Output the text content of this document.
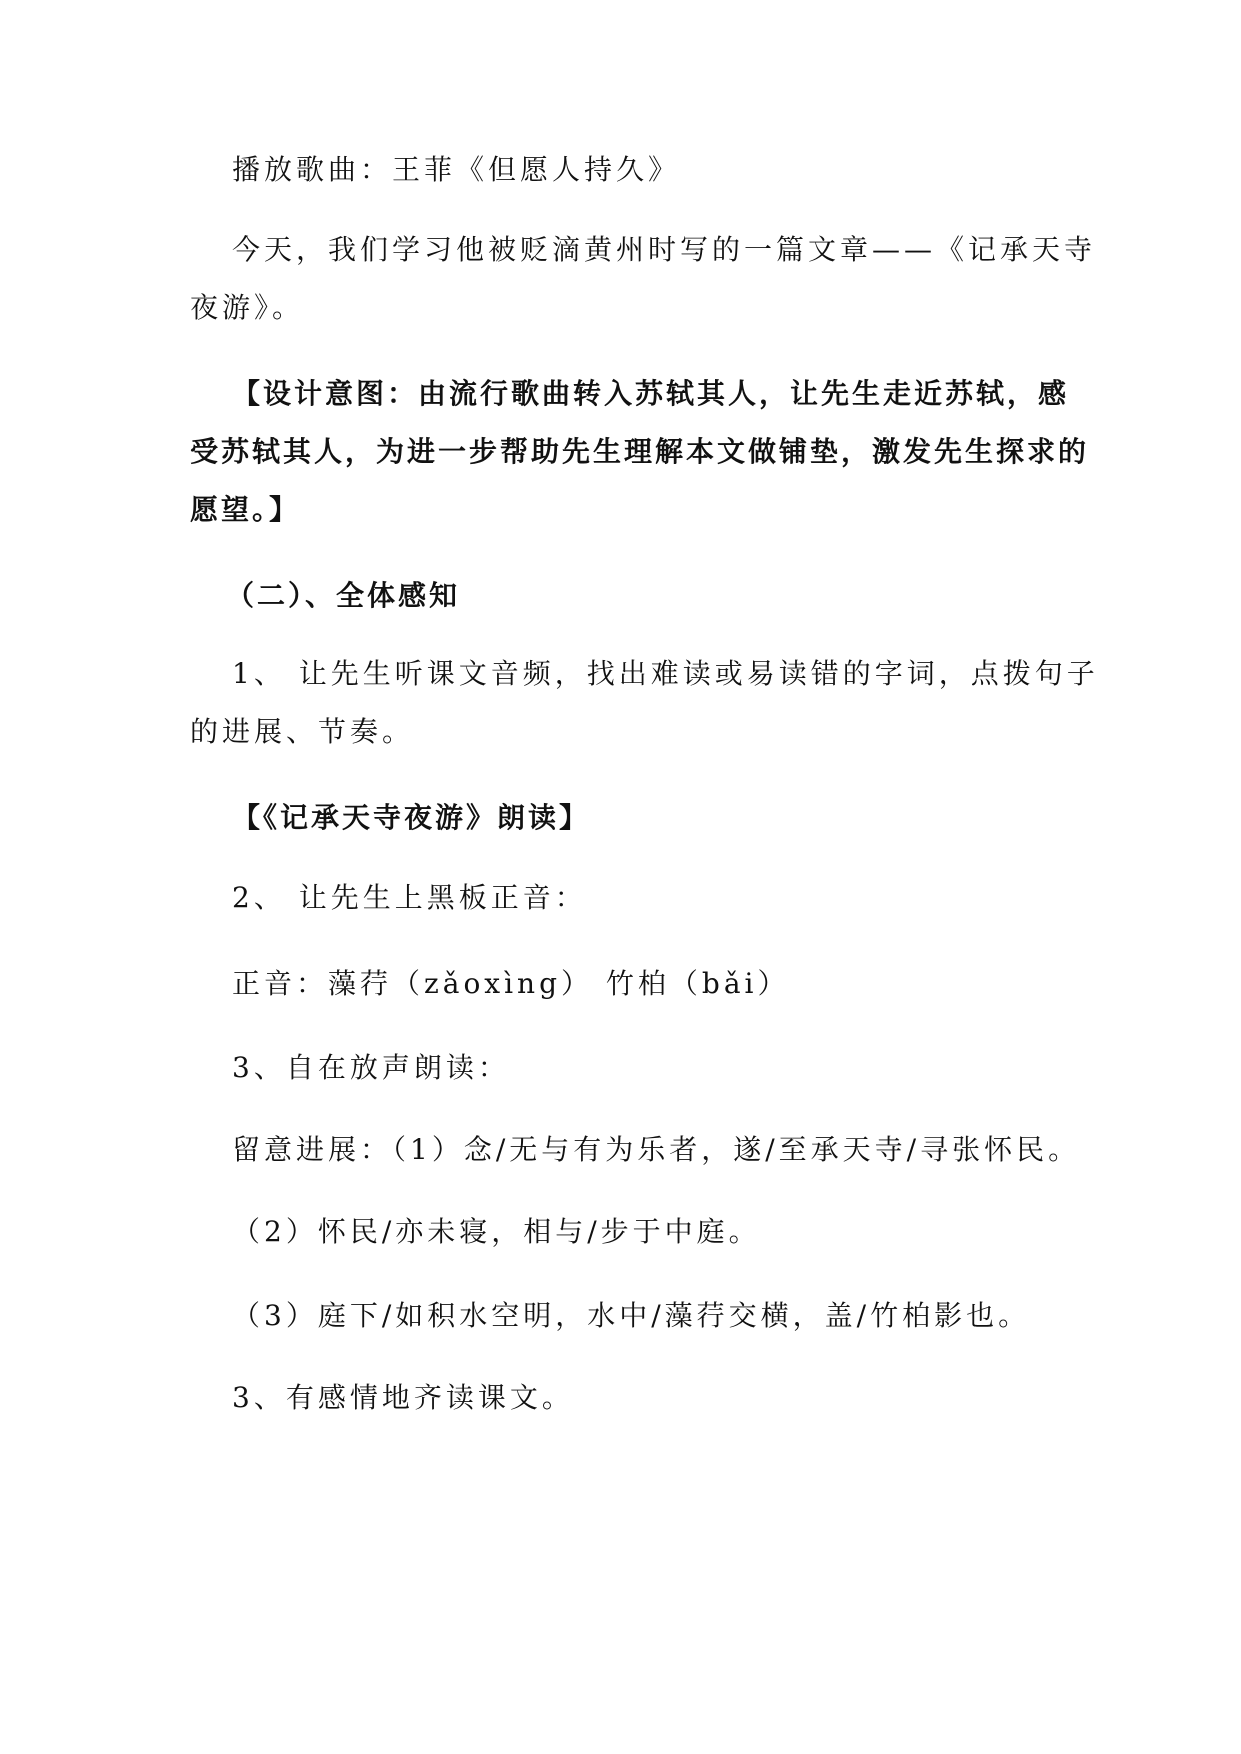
播放歌曲：王菲《但愿人持久》
今天，我们学习他被贬滴黄州时写的一篇文章——《记承天寺
夜游》。
【设计意图：由流行歌曲转入苏轼其人，让先生走近苏轼，感
受苏轼其人，为进一步帮助先生理解本文做铺垫，激发先生探求的
愿望。】
（二）、全体感知
1、 让先生听课文音频，找出难读或易读错的字词，点拨句子
的进展、节奏。
【《记承天寺夜游》朗读】
2、 让先生上黑板正音：
正音：藻荇（zǎoxìng） 竹柏（bǎi）
3、自在放声朗读：
留意进展：（1）念/无与有为乐者，遂/至承天寺/寻张怀民。
（2）怀民/亦未寝，相与/步于中庭。
（3）庭下/如积水空明，水中/藻荇交横，盖/竹柏影也。
3、有感情地齐读课文。
